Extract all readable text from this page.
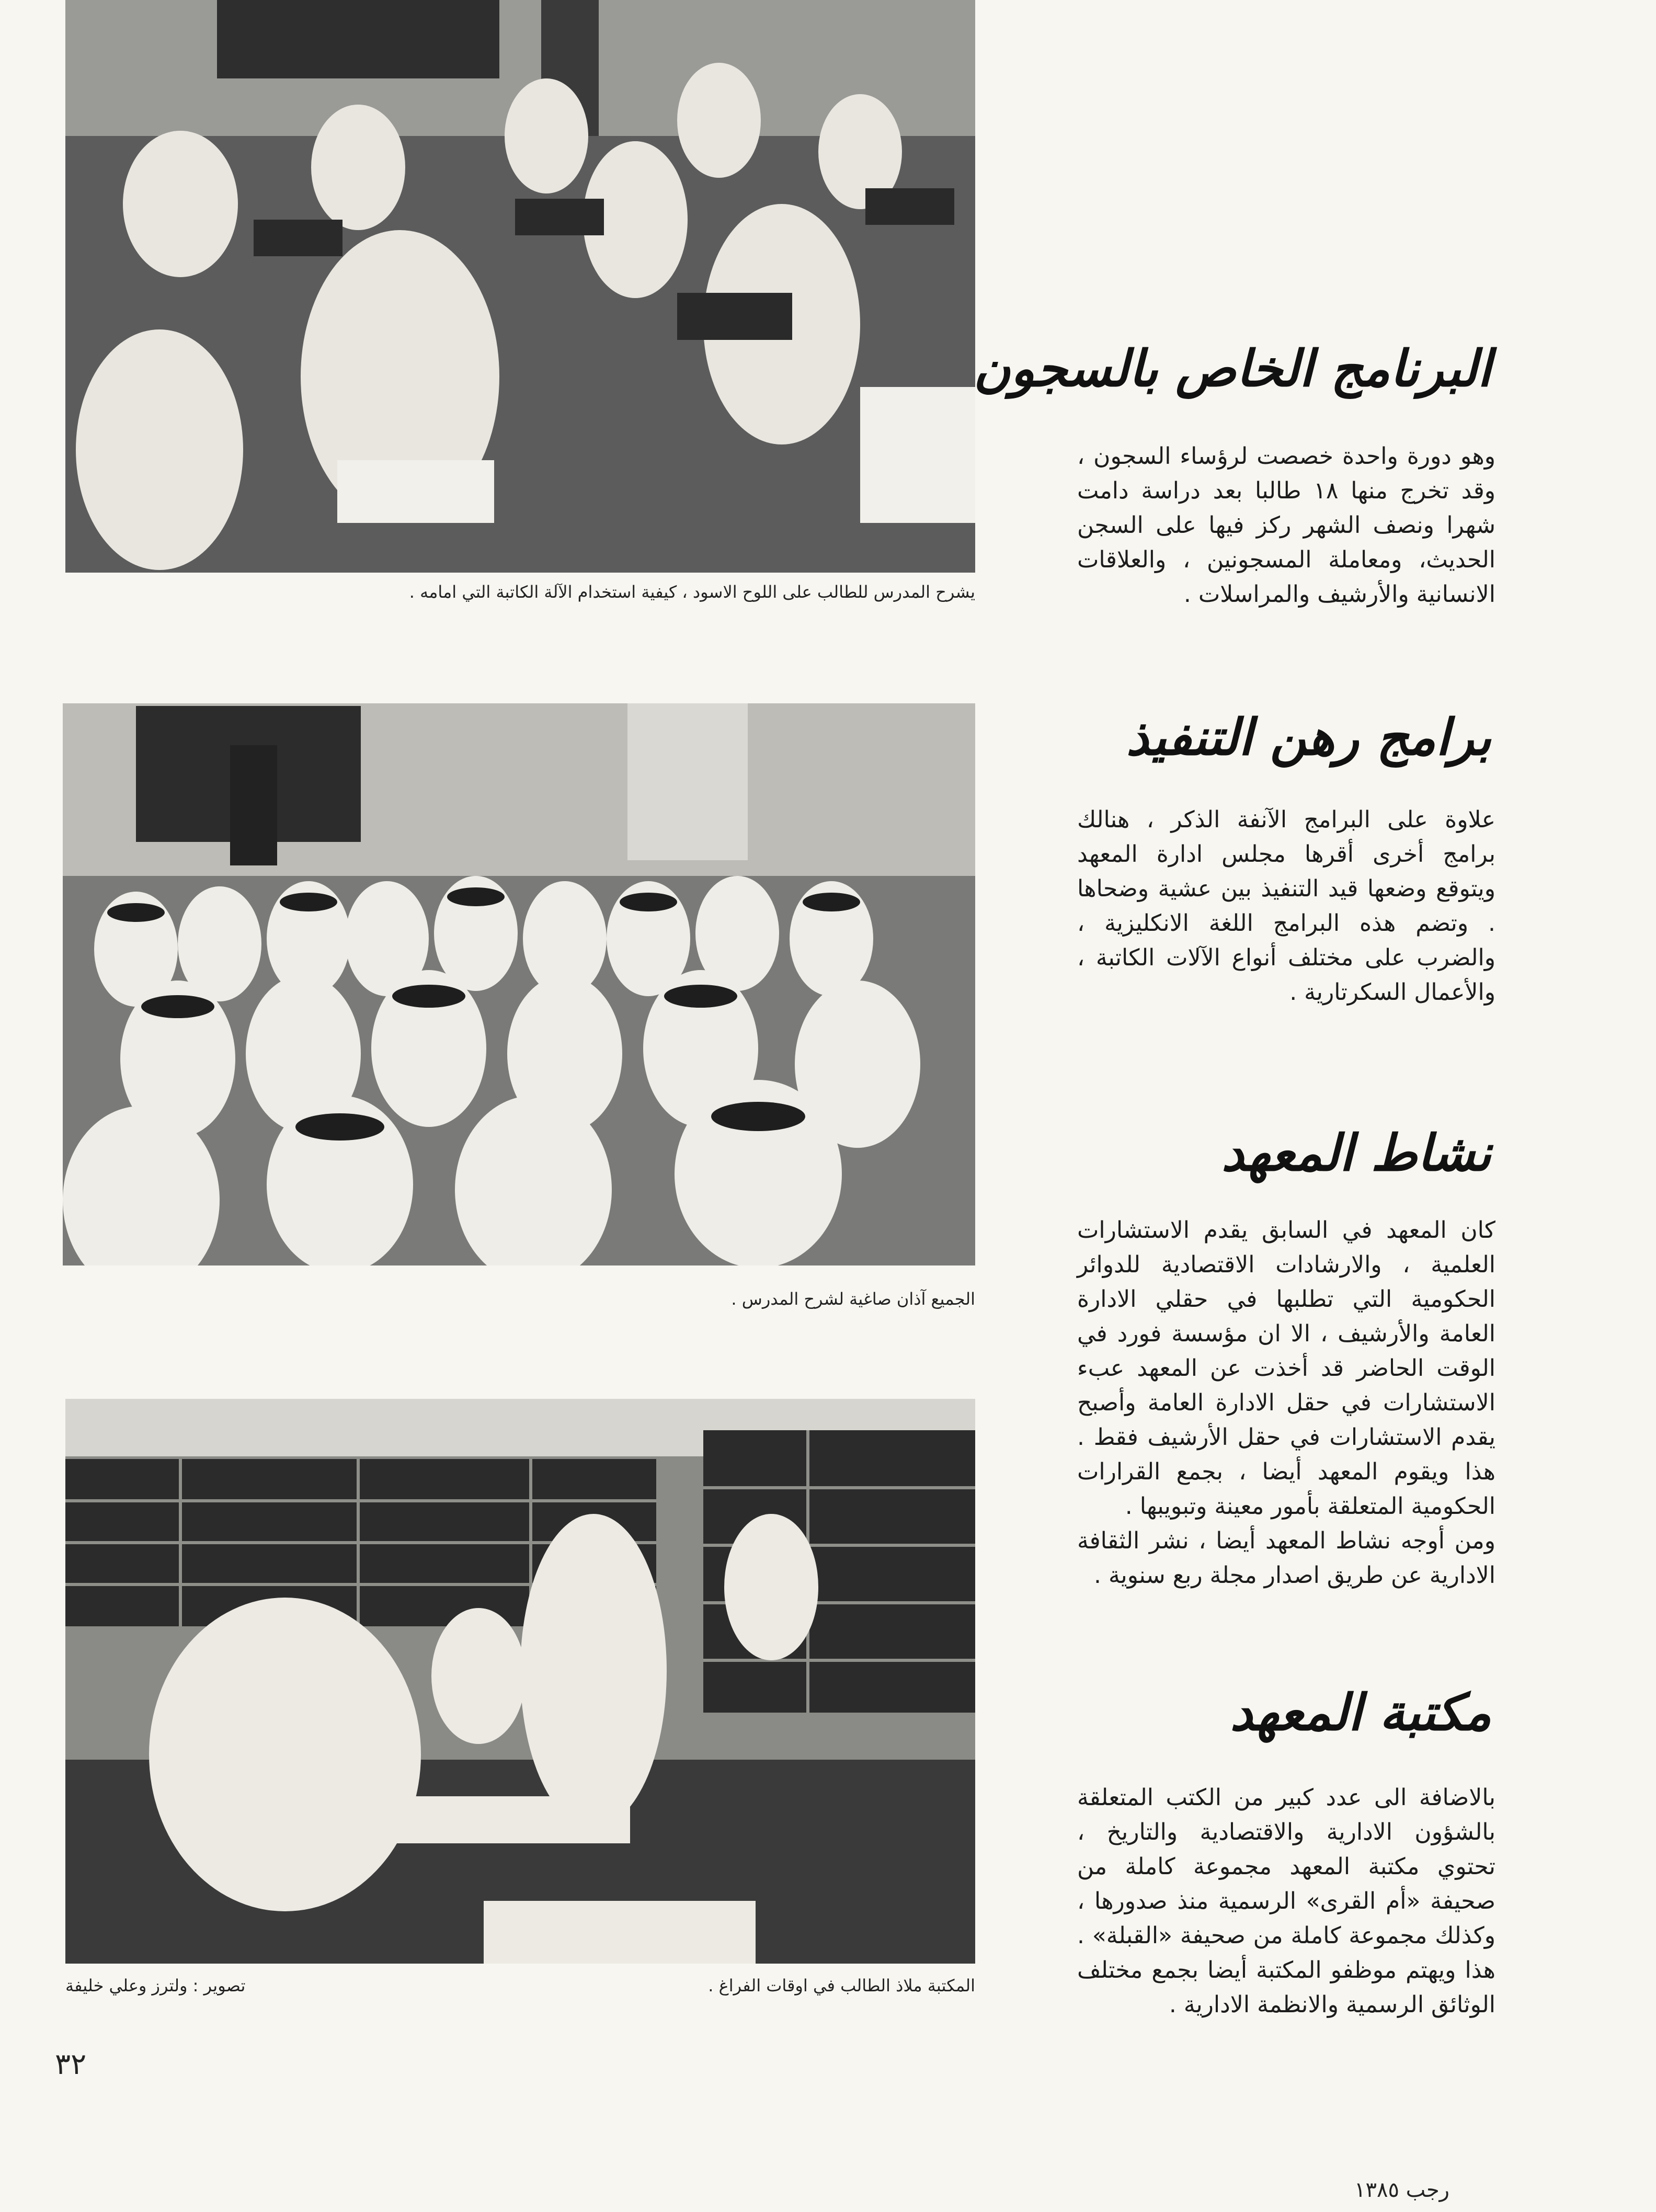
يشرح المدرس للطالب على اللوح الاسود ، كيفية استخدام الآلة الكاتبة التي امامه .
الجميع آذان صاغية لشرح المدرس .
المكتبة ملاذ الطالب في اوقات الفراغ .
تصوير : ولترز وعلي خليفة
البرنامج الخاص بالسجون

وهو دورة واحدة خصصت لرؤساء السجون ، وقد تخرج منها ١٨ طالبا بعد دراسة دامت شهرا ونصف الشهر ركز فيها على السجن الحديث، ومعاملة المسجونين ، والعلاقات الانسانية والأرشيف والمراسلات .

برامج رهن التنفيذ

علاوة على البرامج الآنفة الذكر ، هنالك برامج أخرى أقرها مجلس ادارة المعهد ويتوقع وضعها قيد التنفيذ بين عشية وضحاها . وتضم هذه البرامج اللغة الانكليزية ، والضرب على مختلف أنواع الآلات الكاتبة ، والأعمال السكرتارية .

نشاط المعهد

كان المعهد في السابق يقدم الاستشارات العلمية ، والارشادات الاقتصادية للدوائر الحكومية التي تطلبها في حقلي الادارة العامة والأرشيف ، الا ان مؤسسة فورد في الوقت الحاضر قد أخذت عن المعهد عبء الاستشارات في حقل الادارة العامة وأصبح يقدم الاستشارات في حقل الأرشيف فقط . هذا ويقوم المعهد أيضا ، بجمع القرارات الحكومية المتعلقة بأمور معينة وتبويبها .

ومن أوجه نشاط المعهد أيضا ، نشر الثقافة الادارية عن طريق اصدار مجلة ربع سنوية .

مكتبة المعهد

بالاضافة الى عدد كبير من الكتب المتعلقة بالشؤون الادارية والاقتصادية والتاريخ ، تحتوي مكتبة المعهد مجموعة كاملة من صحيفة «أم القرى» الرسمية منذ صدورها ، وكذلك مجموعة كاملة من صحيفة «القبلة» . هذا ويهتم موظفو المكتبة أيضا بجمع مختلف الوثائق الرسمية والانظمة الادارية .

٣٢
رجب ١٣٨٥
